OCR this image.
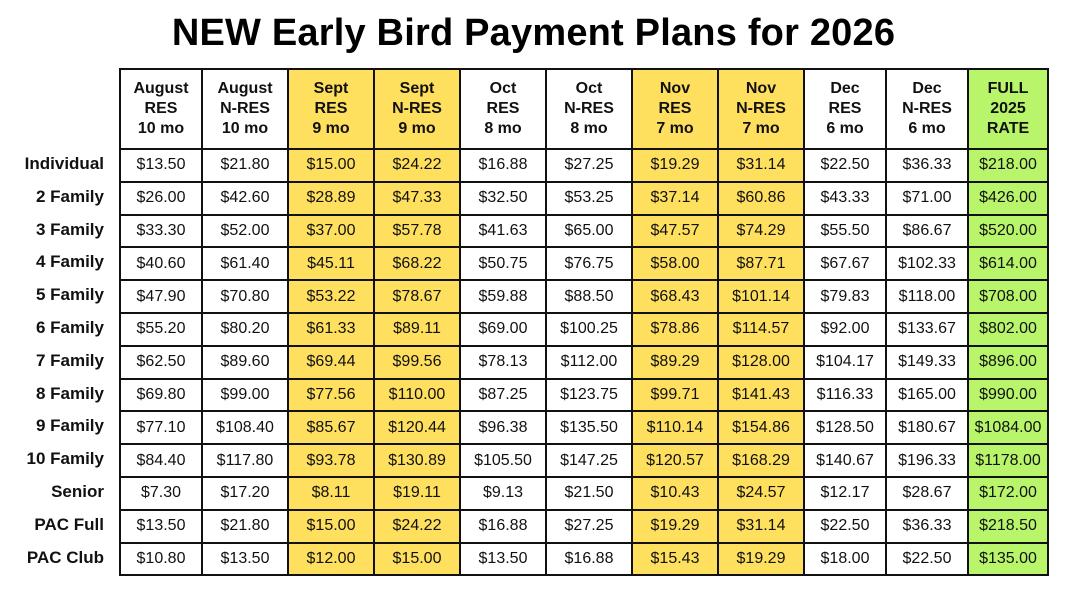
NEW Early Bird Payment Plans for 2026
Individual
2 Family
3 Family
4 Family
5 Family
6 Family
7 Family
8 Family
9 Family
10 Family
Senior
PAC Full
PAC Club
August
RES
10 mo	August
N-RES
10 mo	Sept
RES
9 mo	Sept
N-RES
9 mo	Oct
RES
8 mo	Oct
N-RES
8 mo	Nov
RES
7 mo	Nov
N-RES
7 mo	Dec
RES
6 mo	Dec
N-RES
6 mo	FULL
2025
RATE

$13.50	$21.80	$15.00	$24.22	$16.88	$27.25	$19.29	$31.14	$22.50	$36.33	$218.00
$26.00	$42.60	$28.89	$47.33	$32.50	$53.25	$37.14	$60.86	$43.33	$71.00	$426.00
$33.30	$52.00	$37.00	$57.78	$41.63	$65.00	$47.57	$74.29	$55.50	$86.67	$520.00
$40.60	$61.40	$45.11	$68.22	$50.75	$76.75	$58.00	$87.71	$67.67	$102.33	$614.00
$47.90	$70.80	$53.22	$78.67	$59.88	$88.50	$68.43	$101.14	$79.83	$118.00	$708.00
$55.20	$80.20	$61.33	$89.11	$69.00	$100.25	$78.86	$114.57	$92.00	$133.67	$802.00
$62.50	$89.60	$69.44	$99.56	$78.13	$112.00	$89.29	$128.00	$104.17	$149.33	$896.00
$69.80	$99.00	$77.56	$110.00	$87.25	$123.75	$99.71	$141.43	$116.33	$165.00	$990.00
$77.10	$108.40	$85.67	$120.44	$96.38	$135.50	$110.14	$154.86	$128.50	$180.67	$1084.00
$84.40	$117.80	$93.78	$130.89	$105.50	$147.25	$120.57	$168.29	$140.67	$196.33	$1178.00
$7.30	$17.20	$8.11	$19.11	$9.13	$21.50	$10.43	$24.57	$12.17	$28.67	$172.00
$13.50	$21.80	$15.00	$24.22	$16.88	$27.25	$19.29	$31.14	$22.50	$36.33	$218.50
$10.80	$13.50	$12.00	$15.00	$13.50	$16.88	$15.43	$19.29	$18.00	$22.50	$135.00
